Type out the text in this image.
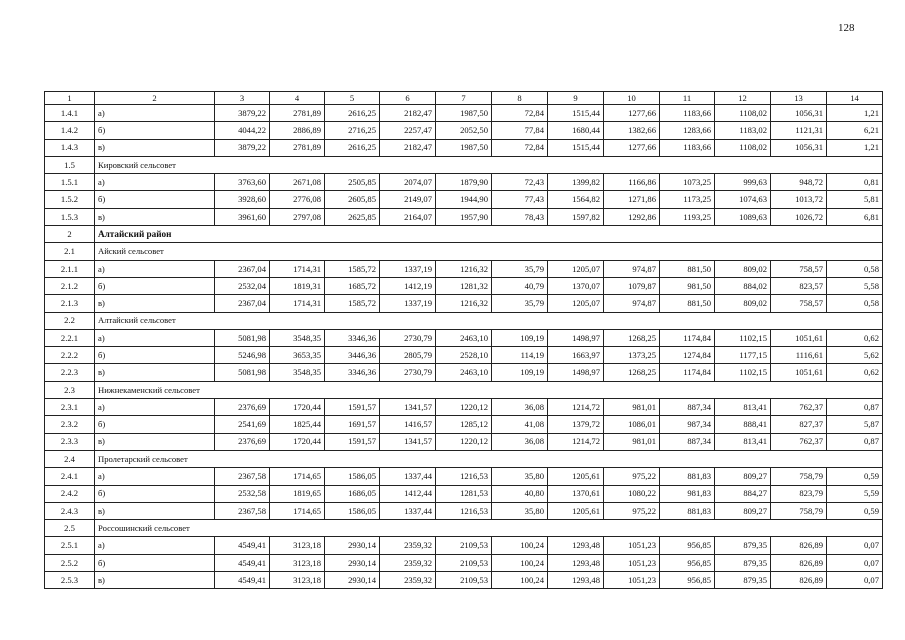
128
1	2	3	4	5	6	7	8	9	10	11	12	13	14
1.4.1	а)	3879,22	2781,89	2616,25	2182,47	1987,50	72,84	1515,44	1277,66	1183,66	1108,02	1056,31	1,21
1.4.2	б)	4044,22	2886,89	2716,25	2257,47	2052,50	77,84	1680,44	1382,66	1283,66	1183,02	1121,31	6,21
1.4.3	в)	3879,22	2781,89	2616,25	2182,47	1987,50	72,84	1515,44	1277,66	1183,66	1108,02	1056,31	1,21
1.5	Кировский сельсовет												
1.5.1	а)	3763,60	2671,08	2505,85	2074,07	1879,90	72,43	1399,82	1166,86	1073,25	999,63	948,72	0,81
1.5.2	б)	3928,60	2776,08	2605,85	2149,07	1944,90	77,43	1564,82	1271,86	1173,25	1074,63	1013,72	5,81
1.5.3	в)	3961,60	2797,08	2625,85	2164,07	1957,90	78,43	1597,82	1292,86	1193,25	1089,63	1026,72	6,81
2	Алтайский район												
2.1	Айский сельсовет												
2.1.1	а)	2367,04	1714,31	1585,72	1337,19	1216,32	35,79	1205,07	974,87	881,50	809,02	758,57	0,58
2.1.2	б)	2532,04	1819,31	1685,72	1412,19	1281,32	40,79	1370,07	1079,87	981,50	884,02	823,57	5,58
2.1.3	в)	2367,04	1714,31	1585,72	1337,19	1216,32	35,79	1205,07	974,87	881,50	809,02	758,57	0,58
2.2	Алтайский сельсовет												
2.2.1	а)	5081,98	3548,35	3346,36	2730,79	2463,10	109,19	1498,97	1268,25	1174,84	1102,15	1051,61	0,62
2.2.2	б)	5246,98	3653,35	3446,36	2805,79	2528,10	114,19	1663,97	1373,25	1274,84	1177,15	1116,61	5,62
2.2.3	в)	5081,98	3548,35	3346,36	2730,79	2463,10	109,19	1498,97	1268,25	1174,84	1102,15	1051,61	0,62
2.3	Нижнекаменский сельсовет												
2.3.1	а)	2376,69	1720,44	1591,57	1341,57	1220,12	36,08	1214,72	981,01	887,34	813,41	762,37	0,87
2.3.2	б)	2541,69	1825,44	1691,57	1416,57	1285,12	41,08	1379,72	1086,01	987,34	888,41	827,37	5,87
2.3.3	в)	2376,69	1720,44	1591,57	1341,57	1220,12	36,08	1214,72	981,01	887,34	813,41	762,37	0,87
2.4	Пролетарский сельсовет												
2.4.1	а)	2367,58	1714,65	1586,05	1337,44	1216,53	35,80	1205,61	975,22	881,83	809,27	758,79	0,59
2.4.2	б)	2532,58	1819,65	1686,05	1412,44	1281,53	40,80	1370,61	1080,22	981,83	884,27	823,79	5,59
2.4.3	в)	2367,58	1714,65	1586,05	1337,44	1216,53	35,80	1205,61	975,22	881,83	809,27	758,79	0,59
2.5	Россошинский сельсовет												
2.5.1	а)	4549,41	3123,18	2930,14	2359,32	2109,53	100,24	1293,48	1051,23	956,85	879,35	826,89	0,07
2.5.2	б)	4549,41	3123,18	2930,14	2359,32	2109,53	100,24	1293,48	1051,23	956,85	879,35	826,89	0,07
2.5.3	в)	4549,41	3123,18	2930,14	2359,32	2109,53	100,24	1293,48	1051,23	956,85	879,35	826,89	0,07
